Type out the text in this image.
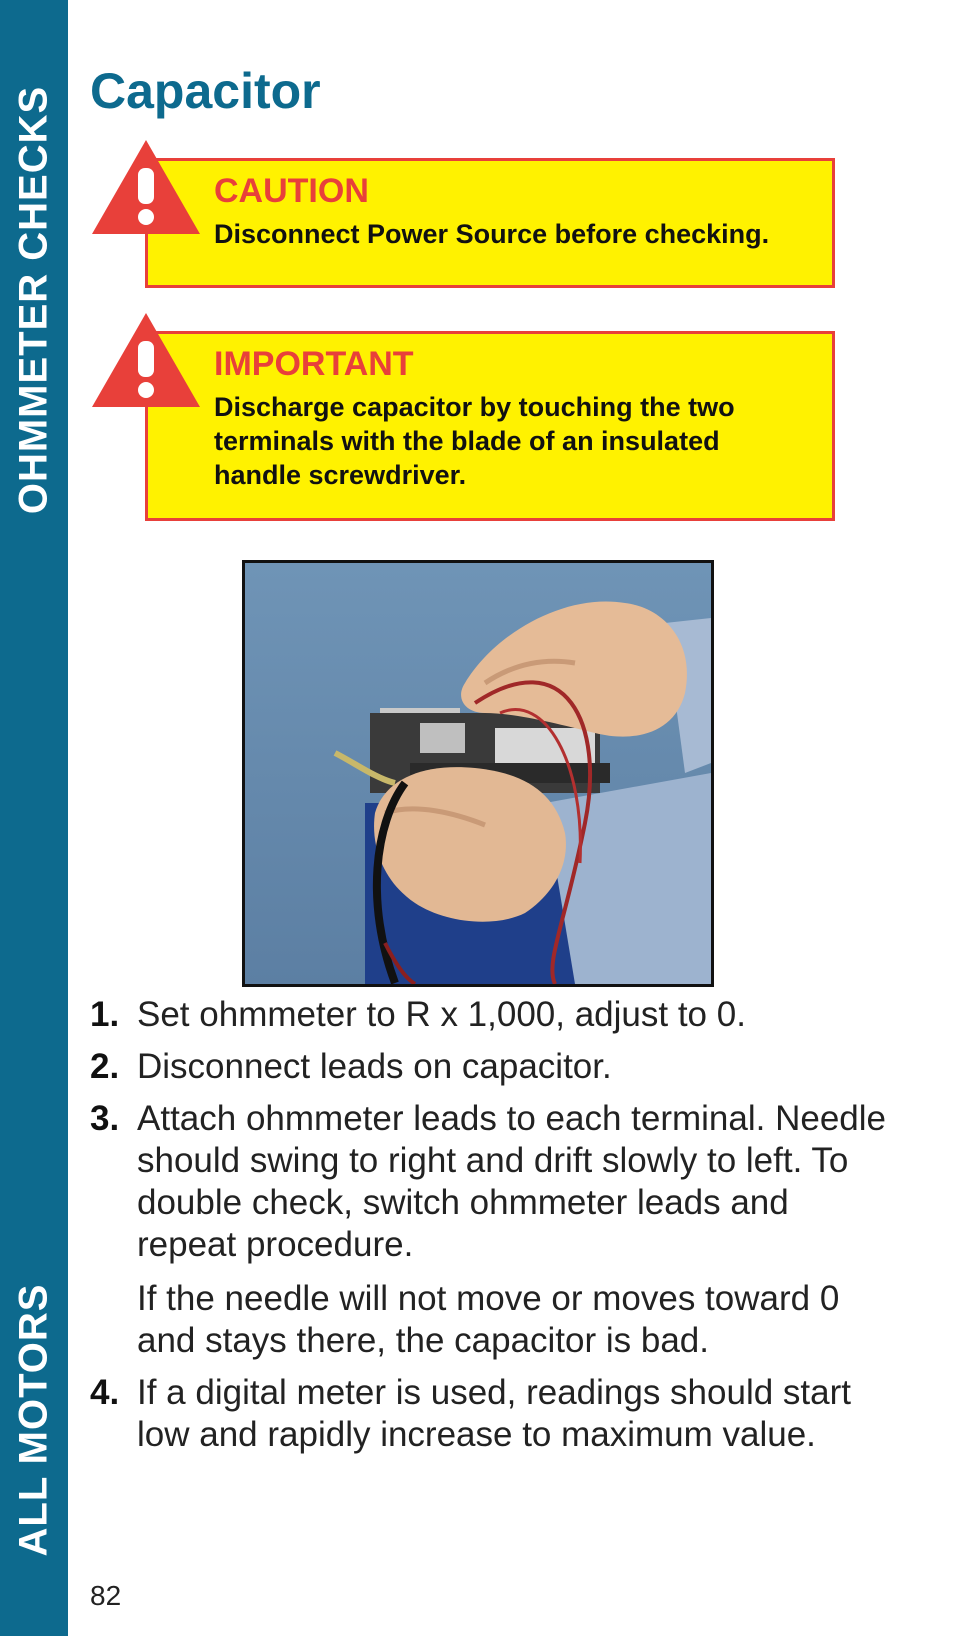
OHMMETER CHECKS
ALL MOTORS
Capacitor

CAUTION

Disconnect Power Source before checking.

IMPORTANT

Discharge capacitor by touching the two terminals with the blade of an insulated handle screwdriver.

1. Set ohmmeter to R x 1,000, adjust to 0.

2. Disconnect leads on capacitor.

3. Attach ohmmeter leads to each terminal. Needle should swing to right and drift slowly to left. To double check, switch ohmmeter leads and repeat procedure.

If the needle will not move or moves toward 0 and stays there, the capacitor is bad.

4. If a digital meter is used, readings should start low and rapidly increase to maximum value.

82
